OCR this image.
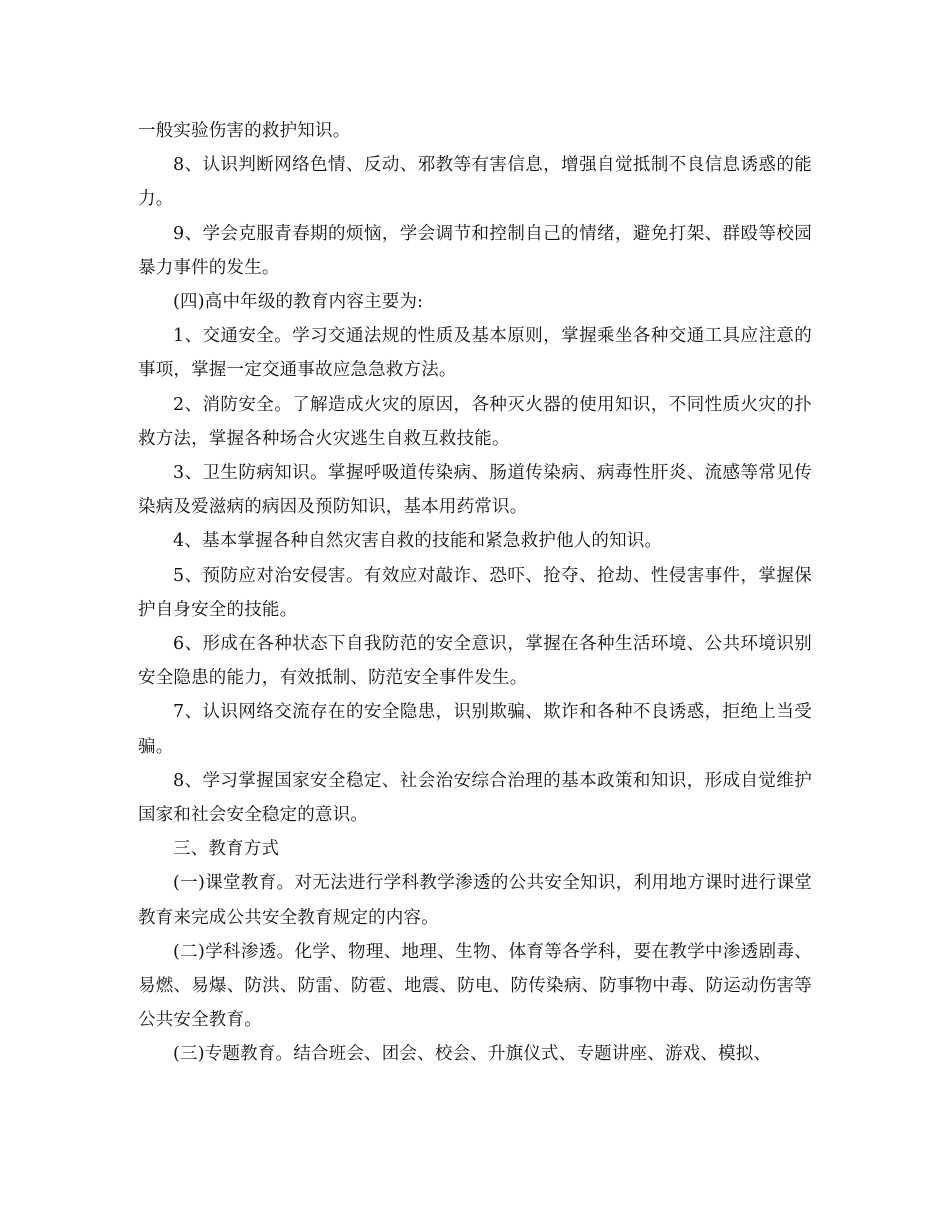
一般实验伤害的救护知识。

8、认识判断网络色情、反动、邪教等有害信息，增强自觉抵制不良信息诱惑的能力。

9、学会克服青春期的烦恼，学会调节和控制自己的情绪，避免打架、群殴等校园暴力事件的发生。

(四)高中年级的教育内容主要为:

1、交通安全。学习交通法规的性质及基本原则，掌握乘坐各种交通工具应注意的事项，掌握一定交通事故应急急救方法。

2、消防安全。了解造成火灾的原因，各种灭火器的使用知识，不同性质火灾的扑救方法，掌握各种场合火灾逃生自救互救技能。

3、卫生防病知识。掌握呼吸道传染病、肠道传染病、病毒性肝炎、流感等常见传染病及爱滋病的病因及预防知识，基本用药常识。

4、基本掌握各种自然灾害自救的技能和紧急救护他人的知识。

5、预防应对治安侵害。有效应对敲诈、恐吓、抢夺、抢劫、性侵害事件，掌握保护自身安全的技能。

6、形成在各种状态下自我防范的安全意识，掌握在各种生活环境、公共环境识别安全隐患的能力，有效抵制、防范安全事件发生。

7、认识网络交流存在的安全隐患，识别欺骗、欺诈和各种不良诱惑，拒绝上当受骗。

8、学习掌握国家安全稳定、社会治安综合治理的基本政策和知识，形成自觉维护国家和社会安全稳定的意识。

三、教育方式

(一)课堂教育。对无法进行学科教学渗透的公共安全知识，利用地方课时进行课堂教育来完成公共安全教育规定的内容。

(二)学科渗透。化学、物理、地理、生物、体育等各学科，要在教学中渗透剧毒、易燃、易爆、防洪、防雷、防雹、地震、防电、防传染病、防事物中毒、防运动伤害等公共安全教育。

(三)专题教育。结合班会、团会、校会、升旗仪式、专题讲座、游戏、模拟、
